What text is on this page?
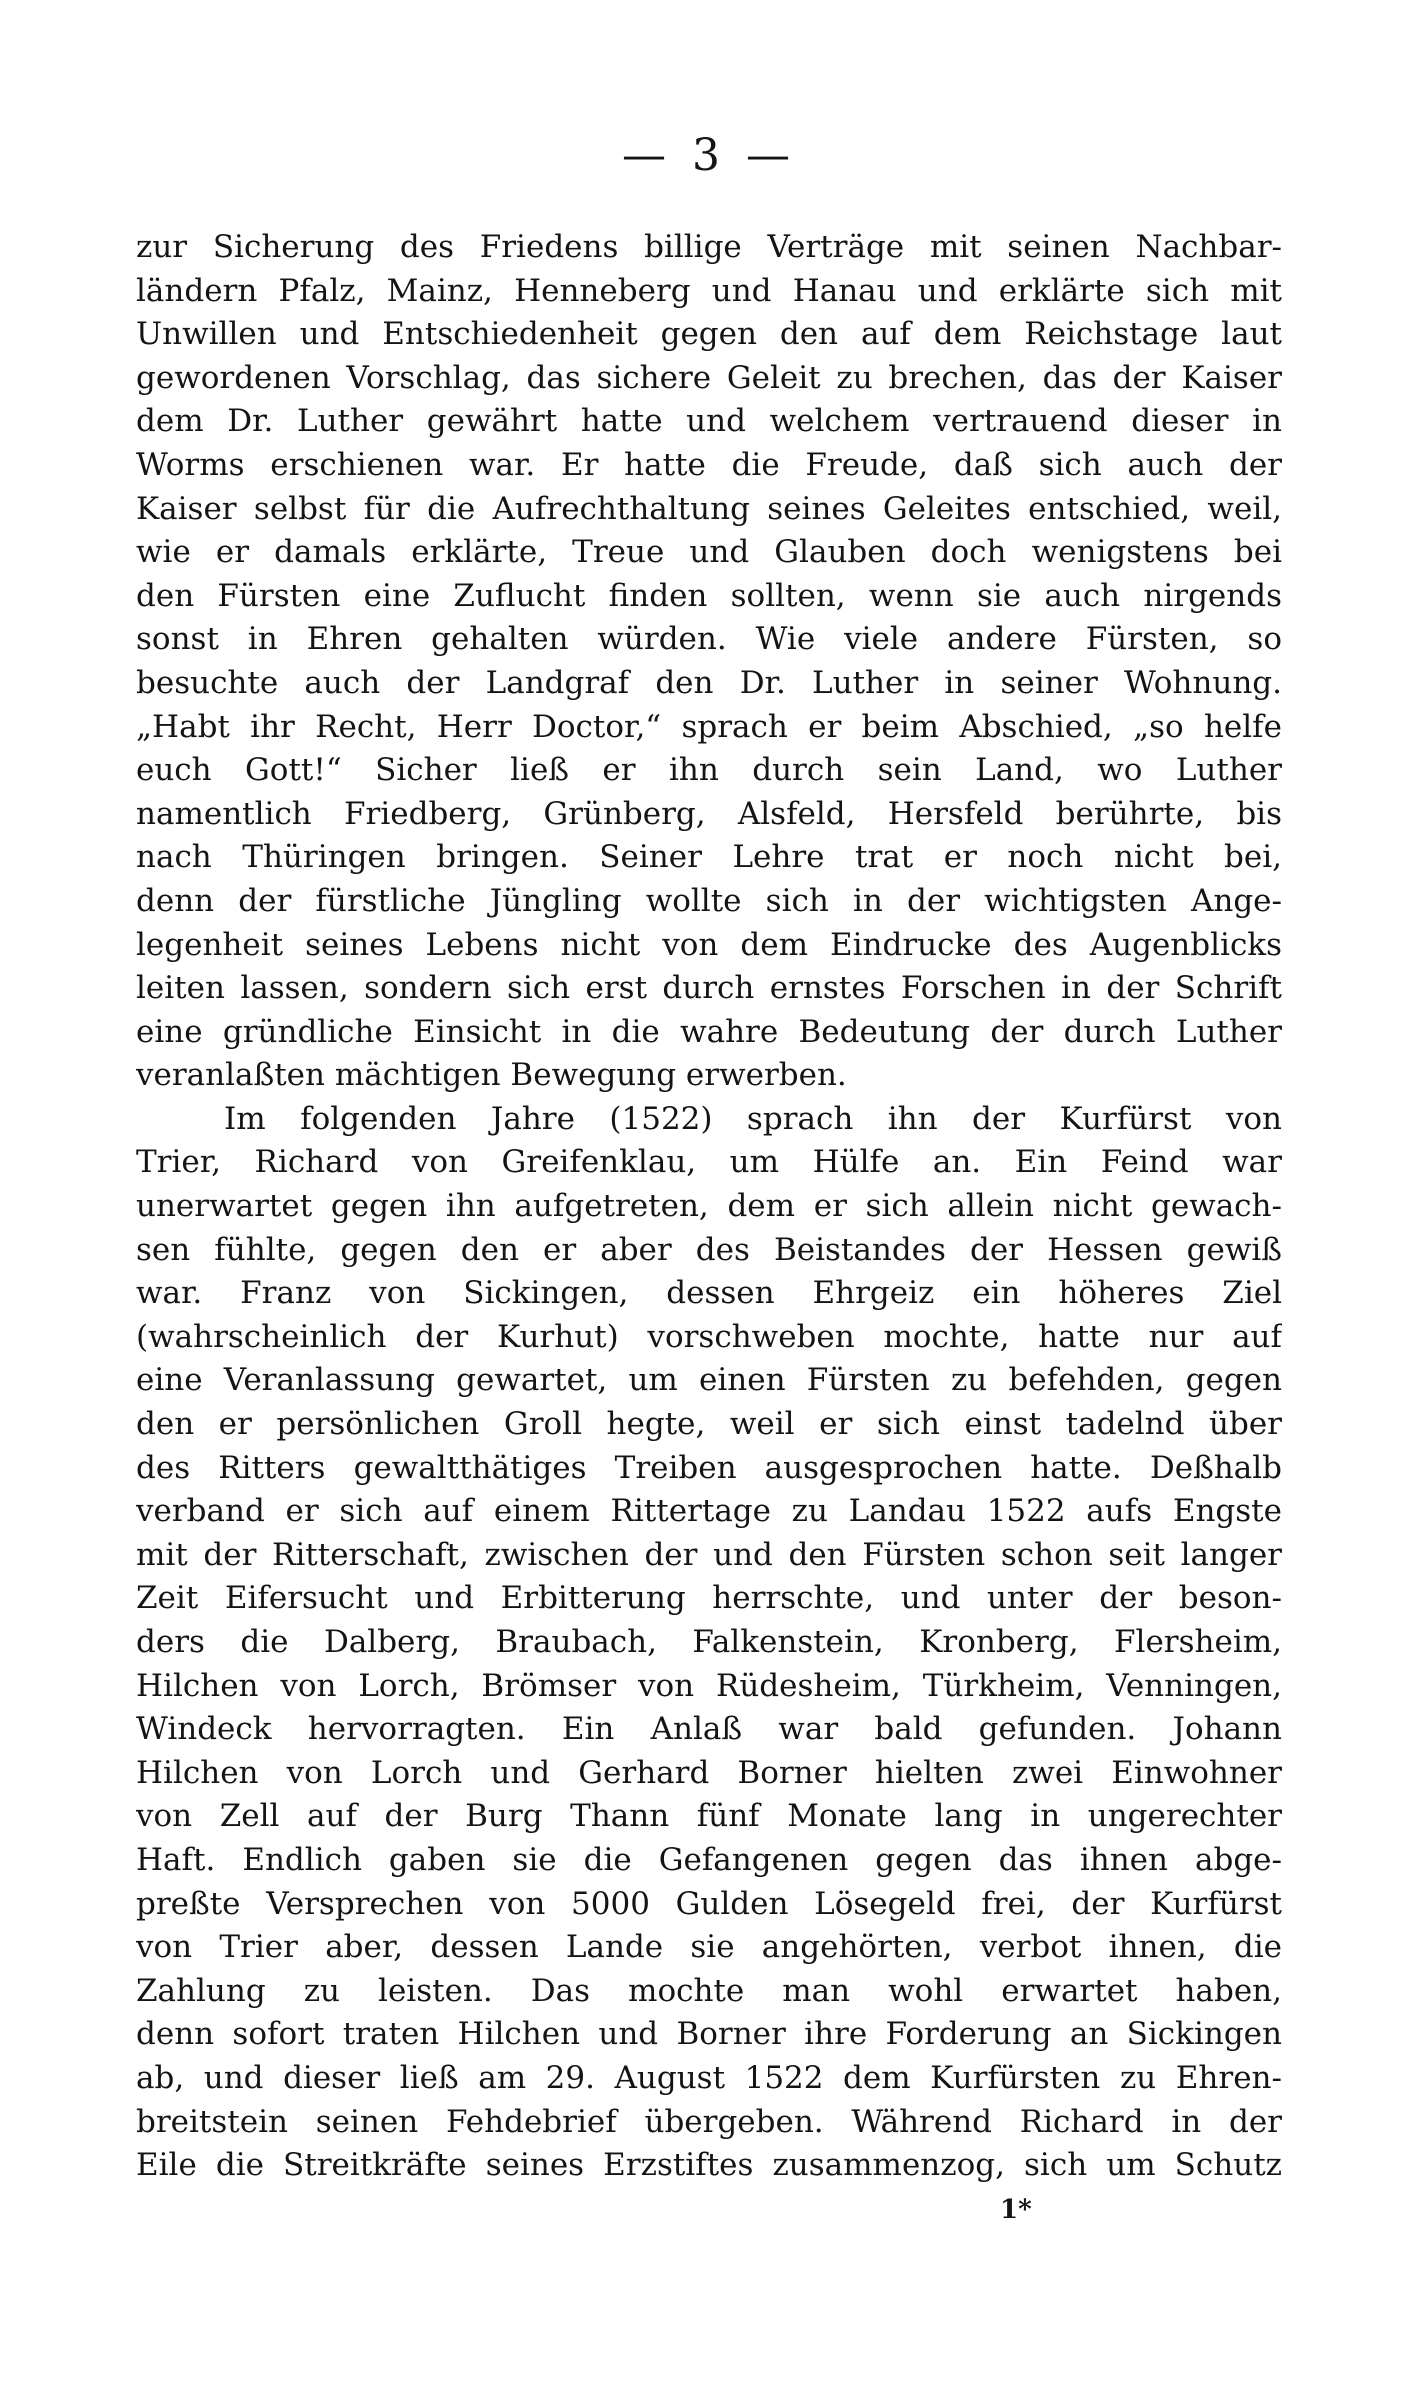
— 3 —
zur Sicherung des Friedens billige Verträge mit seinen Nachbar-
ländern Pfalz, Mainz, Henneberg und Hanau und erklärte sich mit
Unwillen und Entschiedenheit gegen den auf dem Reichstage laut
gewordenen Vorschlag, das sichere Geleit zu brechen, das der Kaiser
dem Dr. Luther gewährt hatte und welchem vertrauend dieser in
Worms erschienen war. Er hatte die Freude, daß sich auch der
Kaiser selbst für die Aufrechthaltung seines Geleites entschied, weil,
wie er damals erklärte, Treue und Glauben doch wenigstens bei
den Fürsten eine Zuflucht finden sollten, wenn sie auch nirgends
sonst in Ehren gehalten würden. Wie viele andere Fürsten, so
besuchte auch der Landgraf den Dr. Luther in seiner Wohnung.
„Habt ihr Recht, Herr Doctor,“ sprach er beim Abschied, „so helfe
euch Gott!“ Sicher ließ er ihn durch sein Land, wo Luther
namentlich Friedberg, Grünberg, Alsfeld, Hersfeld berührte, bis
nach Thüringen bringen. Seiner Lehre trat er noch nicht bei,
denn der fürstliche Jüngling wollte sich in der wichtigsten Ange-
legenheit seines Lebens nicht von dem Eindrucke des Augenblicks
leiten lassen, sondern sich erst durch ernstes Forschen in der Schrift
eine gründliche Einsicht in die wahre Bedeutung der durch Luther
veranlaßten mächtigen Bewegung erwerben.
Im folgenden Jahre (1522) sprach ihn der Kurfürst von
Trier, Richard von Greifenklau, um Hülfe an. Ein Feind war
unerwartet gegen ihn aufgetreten, dem er sich allein nicht gewach-
sen fühlte, gegen den er aber des Beistandes der Hessen gewiß
war. Franz von Sickingen, dessen Ehrgeiz ein höheres Ziel
(wahrscheinlich der Kurhut) vorschweben mochte, hatte nur auf
eine Veranlassung gewartet, um einen Fürsten zu befehden, gegen
den er persönlichen Groll hegte, weil er sich einst tadelnd über
des Ritters gewaltthätiges Treiben ausgesprochen hatte. Deßhalb
verband er sich auf einem Rittertage zu Landau 1522 aufs Engste
mit der Ritterschaft, zwischen der und den Fürsten schon seit langer
Zeit Eifersucht und Erbitterung herrschte, und unter der beson-
ders die Dalberg, Braubach, Falkenstein, Kronberg, Flersheim,
Hilchen von Lorch, Brömser von Rüdesheim, Türkheim, Venningen,
Windeck hervorragten. Ein Anlaß war bald gefunden. Johann
Hilchen von Lorch und Gerhard Borner hielten zwei Einwohner
von Zell auf der Burg Thann fünf Monate lang in ungerechter
Haft. Endlich gaben sie die Gefangenen gegen das ihnen abge-
preßte Versprechen von 5000 Gulden Lösegeld frei, der Kurfürst
von Trier aber, dessen Lande sie angehörten, verbot ihnen, die
Zahlung zu leisten. Das mochte man wohl erwartet haben,
denn sofort traten Hilchen und Borner ihre Forderung an Sickingen
ab, und dieser ließ am 29. August 1522 dem Kurfürsten zu Ehren-
breitstein seinen Fehdebrief übergeben. Während Richard in der
Eile die Streitkräfte seines Erzstiftes zusammenzog, sich um Schutz
1*
